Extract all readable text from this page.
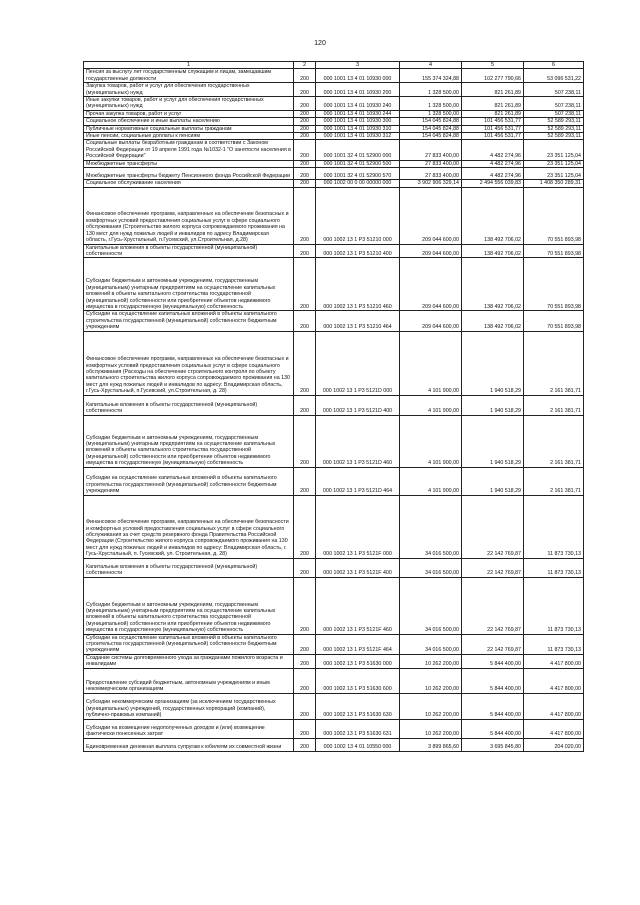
120
1	2	3	4	5	6
Пенсия за выслугу лет государственным служащим и лицам, замещавшим государственные должности	200	000 1001 13 4 01 10930 000	155 374 324,88	102 277 790,66	53 096 531,22
Закупка товаров, работ и услуг для обеспечения государственных (муниципальных) нужд	200	000 1001 13 4 01 10930 200	1 328 500,00	821 261,89	507 238,11
Иные закупки товаров, работ и услуг для обеспечения государственных (муниципальных) нужд	200	000 1001 13 4 01 10930 240	1 328 500,00	821 261,89	507 238,11
Прочая закупка товаров, работ и услуг	200	000 1001 13 4 01 10930 244	1 328 500,00	821 261,89	507 238,11
Социальное обеспечение и иные выплаты населению	200	000 1001 13 4 01 10930 300	154 045 824,88	101 456 531,77	52 589 293,11
Публичные нормативные социальные выплаты гражданам	200	000 1001 13 4 01 10930 310	154 045 824,88	101 456 531,77	52 589 293,11
Иные пенсии, социальные доплаты к пенсиям	200	000 1001 13 4 01 10930 312	154 045 824,88	101 456 531,77	52 589 293,11
Социальные выплаты безработным гражданам в соответствии с Законом Российской Федерации от 19 апреля 1991 года №1032-1 "О занятости населения в Российской Федерации"	200	000 1001 32 4 01 52900 000	27 833 400,00	4 482 274,96	23 351 125,04
Межбюджетные трансферты	200	000 1001 32 4 01 52900 500	27 833 400,00	4 482 274,96	23 351 125,04
Межбюджетные трансферты бюджету Пенсионного фонда Российской Федерации	200	000 1001 32 4 01 52900 570	27 833 400,00	4 482 274,96	23 351 125,04
Социальное обслуживание населения	200	000 1002 00 0 00 00000 000	3 902 906 329,14	2 494 556 039,83	1 408 350 289,31
Финансовое обеспечение программ, направленных на обеспечение безопасных и комфортных условий предоставления социальных услуг в сфере социального обслуживания (Строительство жилого корпуса сопровождаемого проживания на 130 мест для нужд пожилых людей и инвалидов по адресу Владимирская область, г.Гусь-Хрустальный, п.Гусевский, ул.Строительная, д.28)	200	000 1002 13 1 Р3 51210 000	209 044 600,00	138 492 706,02	70 551 893,98
Капитальные вложения в объекты государственной (муниципальной) собственности	200	000 1002 13 1 Р3 51210 400	209 044 600,00	138 492 706,02	70 551 893,98
Субсидии бюджетным и автономным учреждениям, государственным (муниципальным) унитарным предприятиям на осуществление капитальных вложений в объекты капитального строительства государственной (муниципальной) собственности или приобретение объектов недвижимого имущества в государственную (муниципальную) собственность	200	000 1002 13 1 Р3 51210 460	209 044 600,00	138 492 706,02	70 551 893,98
Субсидии на осуществление капитальных вложений в объекты капитального строительства государственной (муниципальной) собственности бюджетным учреждениям	200	000 1002 13 1 Р3 51210 464	209 044 600,00	138 492 706,02	70 551 893,98
Финансовое обеспечение программ, направленных на обеспечение безопасных и комфортных условий предоставления социальных услуг в сфере социального обслуживания (Расходы на обеспечение строительного контроля по объекту капитального строительства жилого корпуса сопровождаемого проживания на 130 мест для нужд пожилых людей и инвалидов по адресу: Владимирская область, г.Гусь-Хрустальный, п.Гусевский, ул.Строительная, д. 28)	200	000 1002 13 1 Р3 5121D 000	4 101 900,00	1 940 518,29	2 161 381,71
Капитальные вложения в объекты государственной (муниципальной) собственности	200	000 1002 13 1 Р3 5121D 400	4 101 900,00	1 940 518,29	2 161 381,71
Субсидии бюджетным и автономным учреждениям, государственным (муниципальным) унитарным предприятиям на осуществление капитальных вложений в объекты капитального строительства государственной (муниципальной) собственности или приобретение объектов недвижимого имущества в государственную (муниципальную) собственность	200	000 1002 13 1 Р3 5121D 460	4 101 900,00	1 940 518,29	2 161 381,71
Субсидии на осуществление капитальных вложений в объекты капитального строительства государственной (муниципальной) собственности бюджетным учреждениям	200	000 1002 13 1 Р3 5121D 464	4 101 900,00	1 940 518,29	2 161 381,71
Финансовое обеспечение программ, направленных на обеспечение безопасности и комфортных условий предоставления социальных услуг в сфере социального обслуживания за счет средств резервного фонда Правительства Российской Федерации (Строительство жилого корпуса сопровождаемого проживания на 130 мест для нужд пожилых людей и инвалидов по адресу: Владимирская область, г. Гусь-Хрустальный, п. Гусевский, ул. Строительная, д. 28)	200	000 1002 13 1 Р3 5121F 000	34 016 500,00	22 142 769,87	11 873 730,13
Капитальные вложения в объекты государственной (муниципальной) собственности	200	000 1002 13 1 Р3 5121F 400	34 016 500,00	22 142 769,87	11 873 730,13
Субсидии бюджетным и автономным учреждениям, государственным (муниципальным) унитарным предприятиям на осуществление капитальных вложений в объекты капитального строительства государственной (муниципальной) собственности или приобретение объектов недвижимого имущества в государственную (муниципальную) собственность	200	000 1002 13 1 Р3 5121F 460	34 016 500,00	22 142 769,87	11 873 730,13
Субсидии на осуществление капитальных вложений в объекты капитального строительства государственной (муниципальной) собственности бюджетным учреждениям	200	000 1002 13 1 Р3 5121F 464	34 016 500,00	22 142 769,87	11 873 730,13
Создание системы долговременного ухода за гражданами пожилого возраста и инвалидами	200	000 1002 13 1 Р3 51630 000	10 262 200,00	5 844 400,00	4 417 800,00
Предоставление субсидий бюджетным, автономным учреждениям и иным некоммерческим организациям	200	000 1002 13 1 Р3 51630 600	10 262 200,00	5 844 400,00	4 417 800,00
Субсидии некоммерческим организациям (за исключением государственных (муниципальных) учреждений, государственных корпораций (компаний), публично-правовых компаний)	200	000 1002 13 1 Р3 51630 630	10 262 200,00	5 844 400,00	4 417 800,00
Субсидии на возмещение недополученных доходов и (или) возмещение фактически понесенных затрат	200	000 1002 13 1 Р3 51630 631	10 262 200,00	5 844 400,00	4 417 800,00
Единовременная денежная выплата супругам к юбилеям их совместной жизни	200	000 1002 13 4 01 10550 000	3 899 865,60	3 695 845,80	204 020,00
